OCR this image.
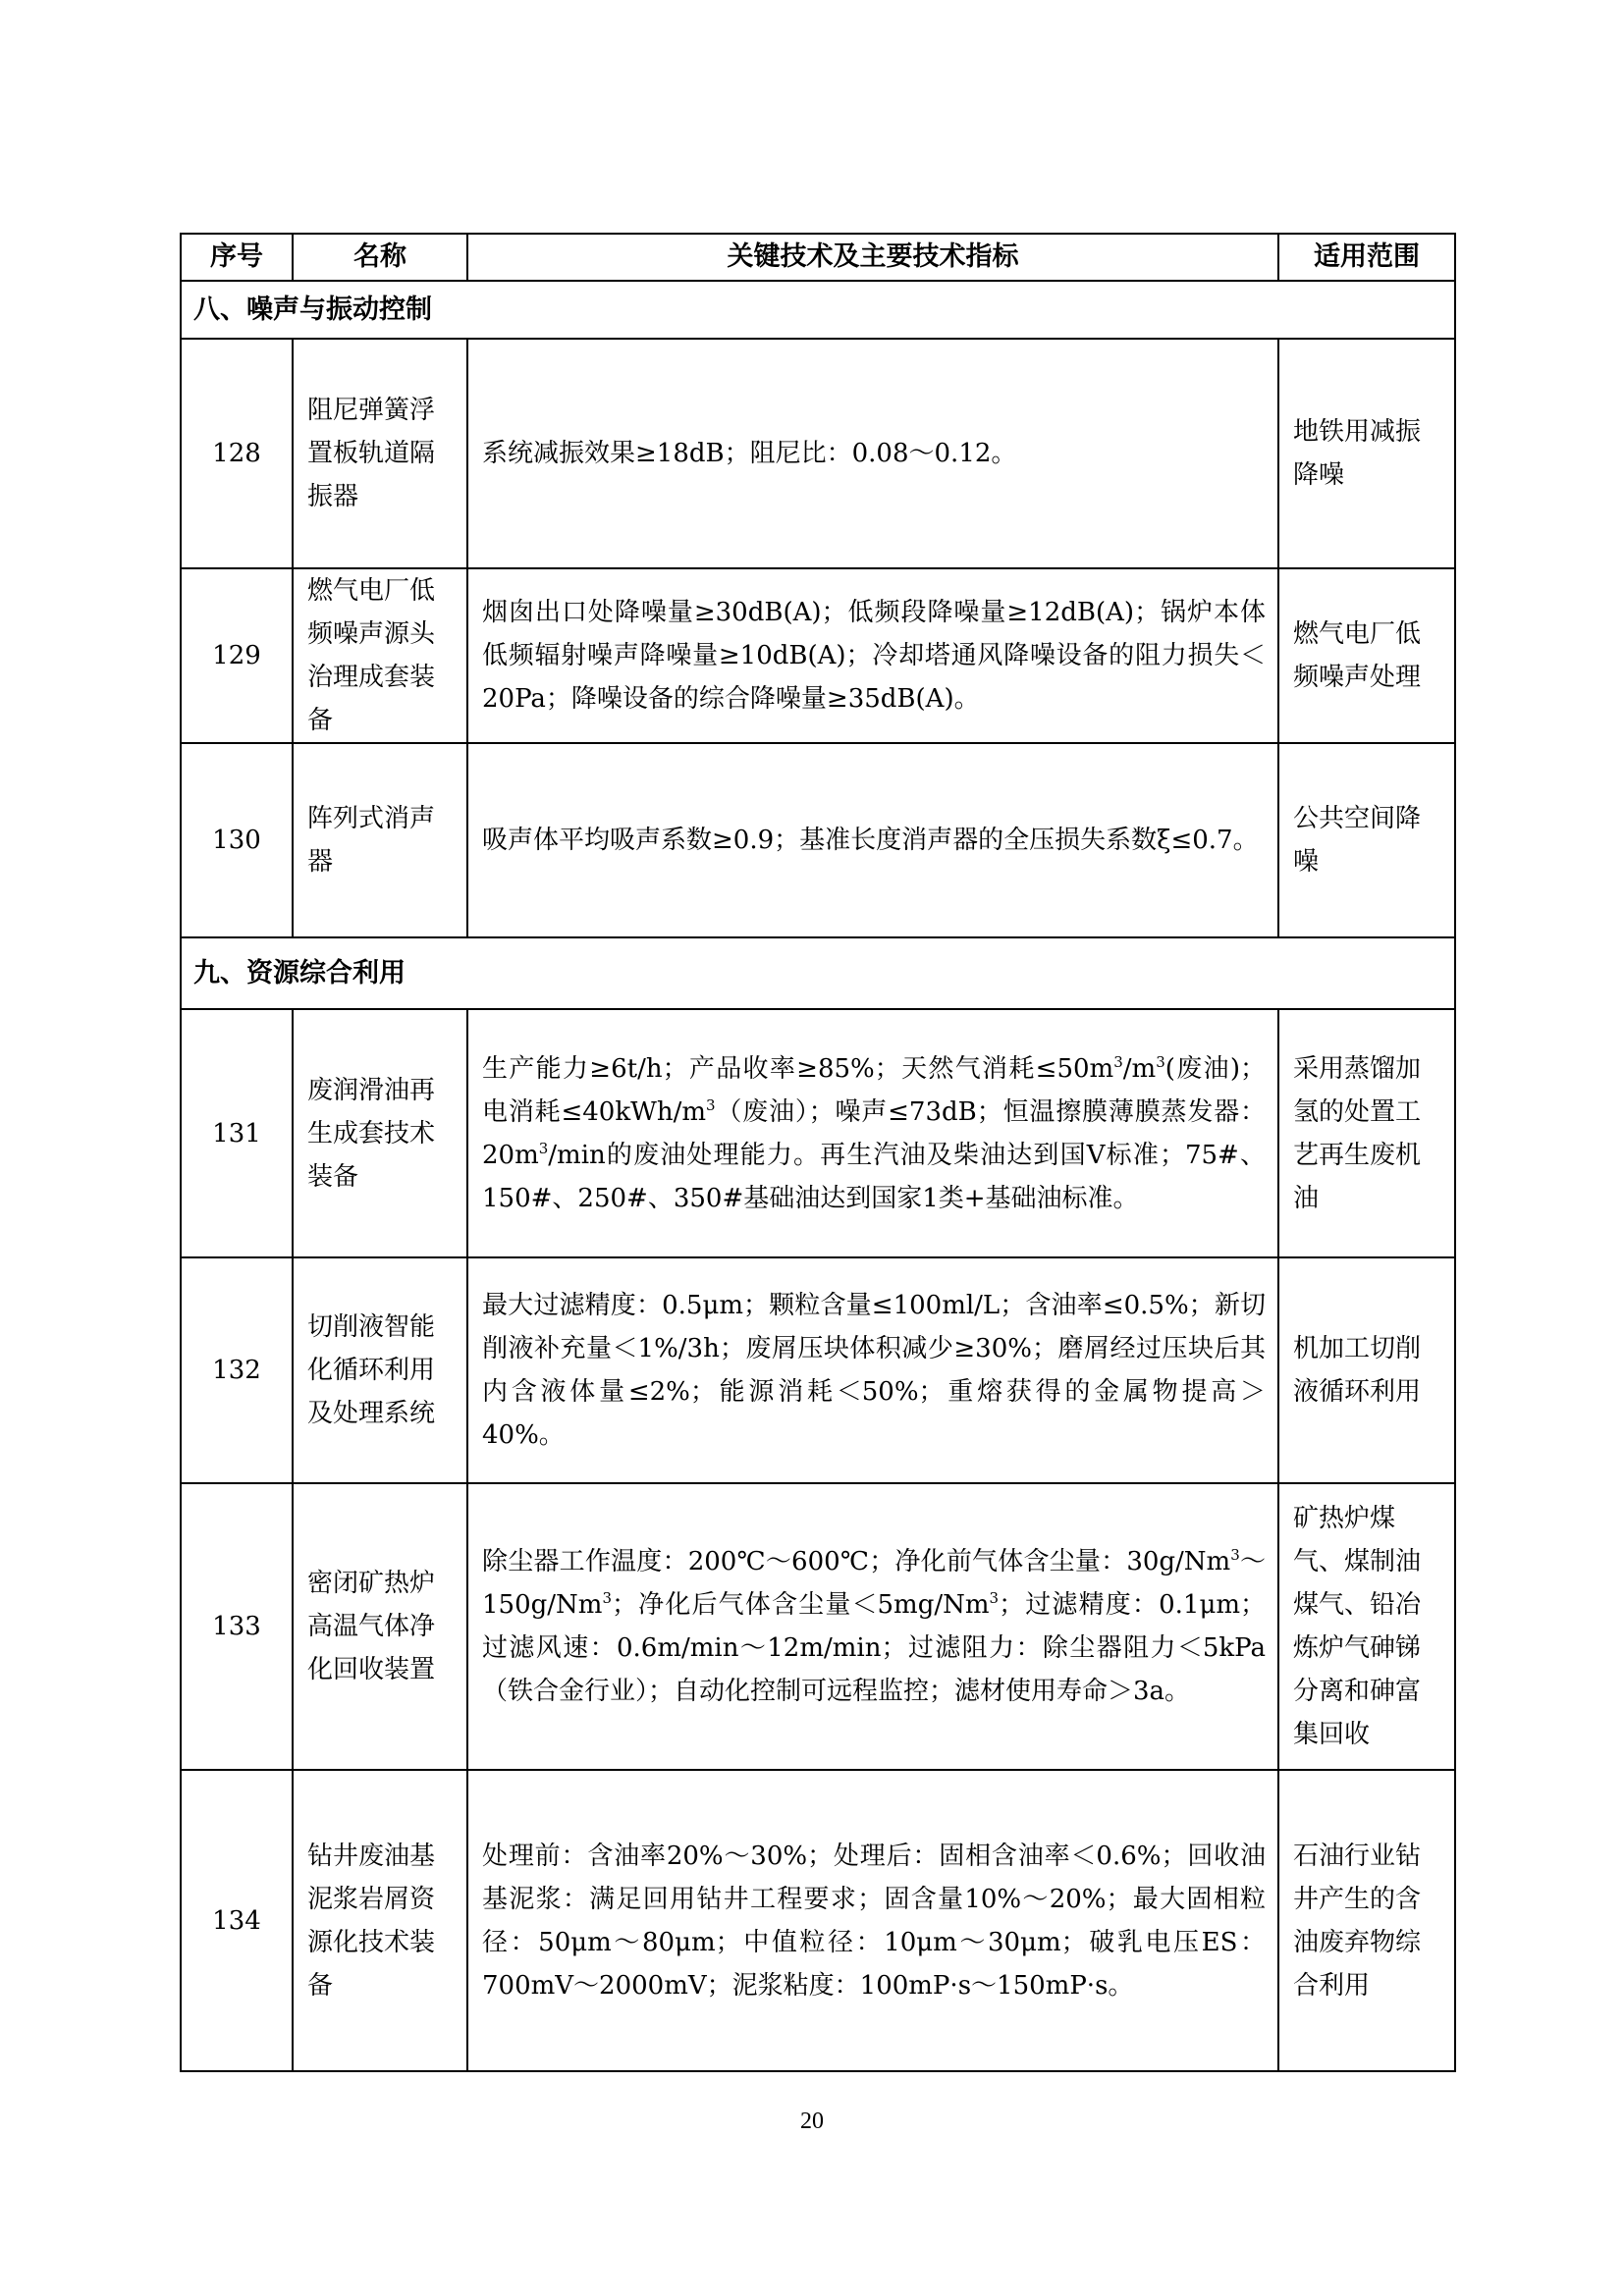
序号	名称	关键技术及主要技术指标	适用范围
八、噪声与振动控制			
128	阻尼弹簧浮置板轨道隔振器	系统减振效果≥18dB；阻尼比：0.08～0.12。	地铁用减振降噪
129	燃气电厂低频噪声源头治理成套装备	烟囱出口处降噪量≥30dB(A)；低频段降噪量≥12dB(A)；锅炉本体低频辐射噪声降噪量≥10dB(A)；冷却塔通风降噪设备的阻力损失＜20Pa；降噪设备的综合降噪量≥35dB(A)。	燃气电厂低频噪声处理
130	阵列式消声器	吸声体平均吸声系数≥0.9；基准长度消声器的全压损失系数ξ≤0.7。	公共空间降噪
九、资源综合利用			
131	废润滑油再生成套技术装备	生产能力≥6t/h；产品收率≥85%；天然气消耗$\le 50m^3/m^3$(废油)；电消耗$\le 40kWh/m^3$（废油）；噪声≤73dB；恒温擦膜薄膜蒸发器：$20m^3/\min$的废油处理能力。再生汽油及柴油达到国Ⅴ标准；75#、150#、250#、350#基础油达到国家1类+基础油标准。	采用蒸馏加氢的处置工艺再生废机油
132	切削液智能化循环利用及处理系统	最大过滤精度：0.5μm；颗粒含量≤100ml/L；含油率≤0.5%；新切削液补充量＜1%/3h；废屑压块体积减少≥30%；磨屑经过压块后其内含液体量≤2%；能源消耗＜50%；重熔获得的金属物提高＞40%。	机加工切削液循环利用
133	密闭矿热炉高温气体净化回收装置	除尘器工作温度：200℃～600℃；净化前气体含尘量：30g/Nm$^3$～150g/Nm$^3$；净化后气体含尘量$<5mg/Nm^3$；过滤精度：0.1μm；过滤风速：0.6m/min～12m/min；过滤阻力：除尘器阻力＜5kPa（铁合金行业）；自动化控制可远程监控；滤材使用寿命＞3a。	矿热炉煤气、煤制油煤气、铅冶炼炉气砷锑分离和砷富集回收
134	钻井废油基泥浆岩屑资源化技术装备	处理前：含油率20%～30%；处理后：固相含油率＜0.6%；回收油基泥浆：满足回用钻井工程要求；固含量10%～20%；最大固相粒径：50μm～80μm；中值粒径：10μm～30μm；破乳电压ES：700mV～2000mV；泥浆粘度：100mP·s～150mP·s。	石油行业钻井产生的含油废弃物综合利用
20
